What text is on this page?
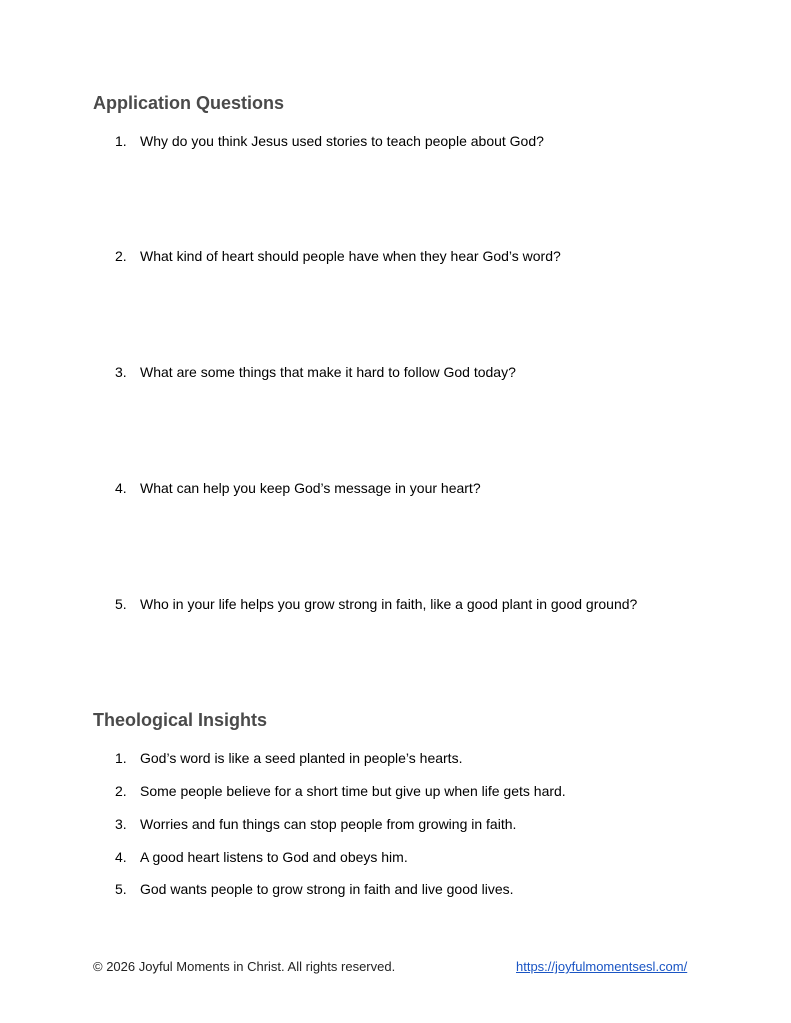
Application Questions
1. Why do you think Jesus used stories to teach people about God?
2. What kind of heart should people have when they hear God’s word?
3. What are some things that make it hard to follow God today?
4. What can help you keep God’s message in your heart?
5. Who in your life helps you grow strong in faith, like a good plant in good ground?
Theological Insights
1. God’s word is like a seed planted in people’s hearts.
2. Some people believe for a short time but give up when life gets hard.
3. Worries and fun things can stop people from growing in faith.
4. A good heart listens to God and obeys him.
5. God wants people to grow strong in faith and live good lives.
© 2026 Joyful Moments in Christ. All rights reserved.	https://joyfulmomentsesl.com/
